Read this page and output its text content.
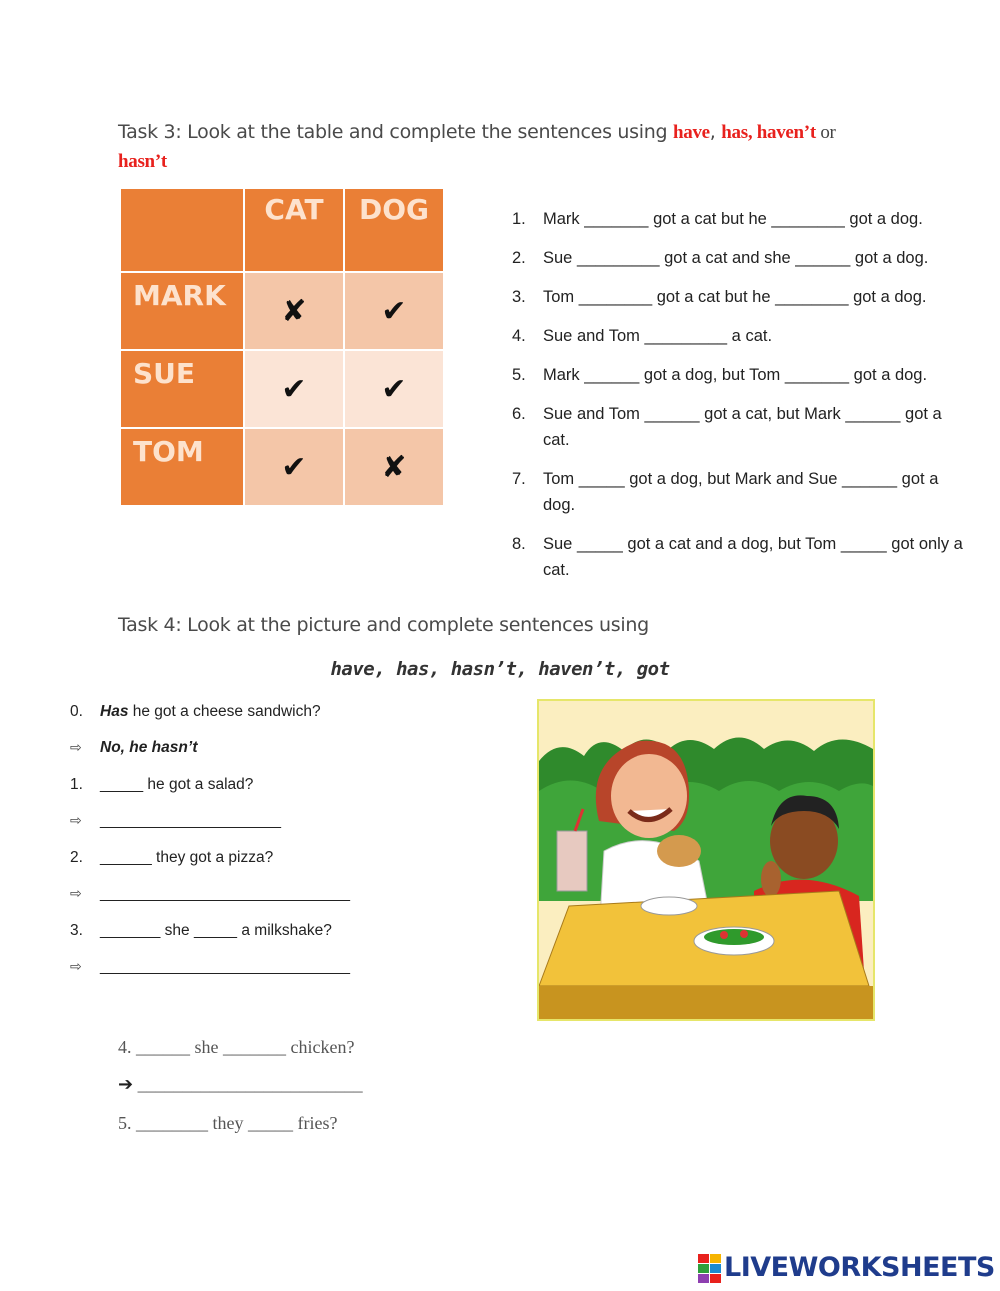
Task 3: Look at the table and complete the sentences using have, has, haven’t or
hasn’t
	CAT	DOG
MARK	✘	✔
SUE	✔	✔
TOM	✔	✘
1. Mark _______ got a cat but he ________ got a dog.
2. Sue _________ got a cat and she ______ got a dog.
3. Tom ________ got a cat but he ________ got a dog.
4. Sue and Tom _________ a cat.
5. Mark ______ got a dog, but Tom _______ got a dog.
6. Sue and Tom ______ got a cat, but Mark ______ got a cat.
7. Tom _____ got a dog, but Mark and Sue ______ got a dog.
8. Sue _____ got a cat and a dog, but Tom _____ got only a cat.
Task 4: Look at the picture and complete sentences using
have, has, hasn’t, haven’t, got
0. Has he got a cheese sandwich?
⇨ No, he hasn’t
1. _____ he got a salad?
⇨ _____________________
2. ______ they got a pizza?
⇨ _____________________________
3. _______ she _____ a milkshake?
⇨ _____________________________
4. ______ she _______ chicken?
➔ _________________________
5. ________ they _____ fries?
LIVEWORKSHEETS
